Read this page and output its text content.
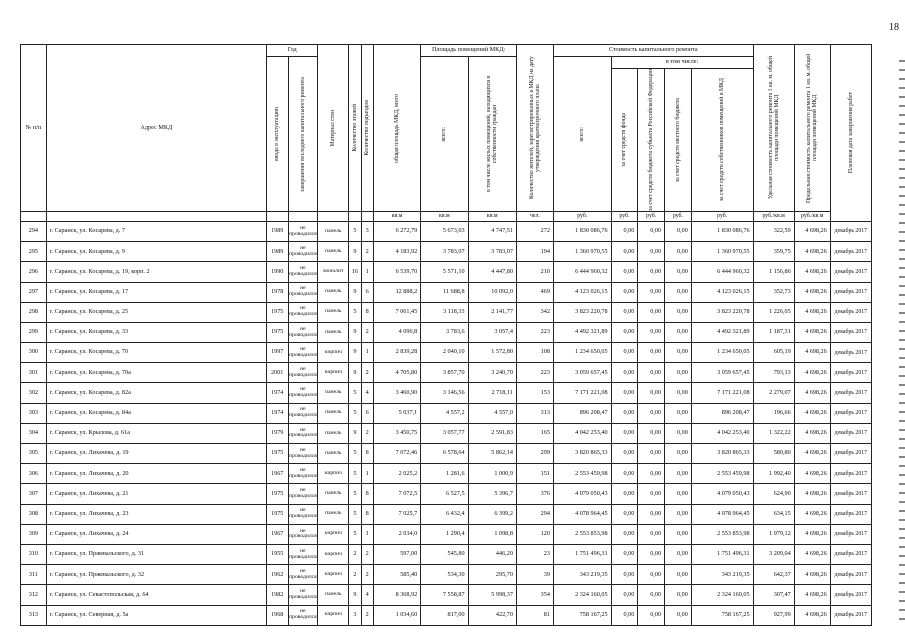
18
№ п/п	Адрес МКД	Год		Материал стен	Количество этажей	Количество подъездов	общая площадь МКД, всего	Площадь помещений МКД:		Количество жителей, зарегистрированных в МКД на дату утверждения краткосрочного плана	Стоимость капитального ремонта					Удельная стоимость капитального ремонта 1 кв. м. общей площади помещений МКД	Предельная стоимость капитального ремонта 1 кв. м. общей площади помещений МКД	Плановая дата завершения работ

		ввода в эксплуатацию	завершения последнего капитального ремонта					всего:	в том числе жилых помещений, находящихся в собственности граждан		всего:	в том числе:						

												за счет средств фонда	за счет средств бюджета субъекта Российской Федерации	за счет средств местного бюджета	за счет средств собственников помещений в МКД			

							кв.м	кв.м	кв.м	чел.	руб.	руб.	руб.	руб.	руб.	руб./кв.м	руб./кв.м	
294	г. Саранск, ул. Косарева, д. 7	1989	не проводился	панель	5	3	6 272,79	5 673,03	4 747,51	272	1 830 086,76	0,00	0,00	0,00	1 830 086,76	322,59	4 698,26	декабрь 2017
295	г. Саранск, ул. Косарева, д. 9	1989	не проводился	панель	9	2	4 183,92	3 783,07	3 783,07	194	1 360 970,55	0,00	0,00	0,00	1 360 970,55	359,75	4 698,26	декабрь 2017
296	г. Саранск, ул. Косарева, д. 19, корп. 2	1990	не проводился	монолит	16	1	6 539,70	5 571,10	4 447,80	210	6 444 960,32	0,00	0,00	0,00	6 444 960,32	1 156,86	4 698,26	декабрь 2017
297	г. Саранск, ул. Косарева, д. 17	1978	не проводился	панель	9	6	12 888,2	11 688,8	10 092,0	469	4 123 026,15	0,00	0,00	0,00	4 123 026,15	352,73	4 698,26	декабрь 2017
298	г. Саранск, ул. Косарева, д. 25	1975	не проводился	панель	5	8	7 061,45	3 118,33	2 141,77	342	3 823 220,78	0,00	0,00	0,00	3 823 220,78	1 226,05	4 698,26	декабрь 2017
299	г. Саранск, ул. Косарева, д. 33	1975	не проводился	панель	9	2	4 096,8	3 783,6	3 057,4	223	4 492 321,89	0,00	0,00	0,00	4 492 321,89	1 187,31	4 698,26	декабрь 2017
300	г. Саранск, ул. Косарева, д. 70	1997	не проводился	кирпич	9	1	2 839,28	2 040,10	1 572,80	108	1 234 650,05	0,00	0,00	0,00	1 234 650,05	605,19	4 698,26	декабрь 2017
301	г. Саранск, ул. Косарева, д. 70а	2001	не проводился	кирпич	9	2	4 705,80	3 857,70	3 240,70	223	3 059 657,45	0,00	0,00	0,00	3 059 657,45	793,13	4 698,26	декабрь 2017
302	г. Саранск, ул. Косарева, д. 82а	1974	не проводился	панель	5	4	3 460,90	3 146,56	2 718,11	153	7 171 221,08	0,00	0,00	0,00	7 171 221,08	2 279,07	4 698,26	декабрь 2017
303	г. Саранск, ул. Косарева, д. 84а	1974	не проводился	панель	5	6	5 037,1	4 557,2	4 557,0	313	896 208,47	0,00	0,00	0,00	896 208,47	196,66	4 698,26	декабрь 2017
304	г. Саранск, ул. Крылова, д. 61а	1979	не проводился	панель	9	2	3 450,75	3 057,77	2 591,83	165	4 042 253,40	0,00	0,00	0,00	4 042 253,40	1 322,22	4 698,26	декабрь 2017
305	г. Саранск, ул. Лихачева, д. 19	1975	не проводился	панель	5	8	7 072,46	6 578,64	5 862,14	299	3 820 865,33	0,00	0,00	0,00	3 820 865,33	580,80	4 698,26	декабрь 2017
306	г. Саранск, ул. Лихачева, д. 20	1967	не проводился	кирпич	5	1	2 025,2	1 281,6	1 000,9	151	2 553 459,98	0,00	0,00	0,00	2 553 459,98	1 992,40	4 698,26	декабрь 2017
307	г. Саранск, ул. Лихачева, д. 21	1975	не проводился	панель	5	8	7 072,5	6 527,5	5 396,7	376	4 079 050,43	0,00	0,00	0,00	4 079 050,43	624,90	4 698,26	декабрь 2017
308	г. Саранск, ул. Лихачева, д. 23	1975	не проводился	панель	5	8	7 025,7	6 432,4	6 399,2	294	4 078 964,45	0,00	0,00	0,00	4 078 964,45	634,15	4 698,26	декабрь 2017
309	г. Саранск, ул. Лихачева, д. 24	1967	не проводился	кирпич	5	1	2 034,0	1 290,4	1 098,8	120	2 553 853,98	0,00	0,00	0,00	2 553 853,98	1 979,12	4 698,26	декабрь 2017
310	г. Саранск, ул. Пржевальского, д. 31	1955	не проводился	кирпич	2	2	597,00	545,80	446,20	23	1 751 496,31	0,00	0,00	0,00	1 751 496,31	3 209,04	4 698,26	декабрь 2017
311	г. Саранск, ул. Пржевальского, д. 32	1962	не проводился	кирпич	2	2	585,40	534,30	295,70	39	343 219,35	0,00	0,00	0,00	343 219,35	642,37	4 698,26	декабрь 2017
312	г. Саранск, ул. Севастопольская, д. 64	1982	не проводился	панель	9	4	8 368,92	7 558,87	5 998,37	354	2 324 160,05	0,00	0,00	0,00	2 324 160,05	307,47	4 698,26	декабрь 2017
313	г. Саранск, ул. Северная, д. 5а	1968	не проводился	кирпич	3	2	1 034,60	817,00	422,70	81	758 167,25	0,00	0,00	0,00	758 167,25	927,99	4 698,26	декабрь 2017
